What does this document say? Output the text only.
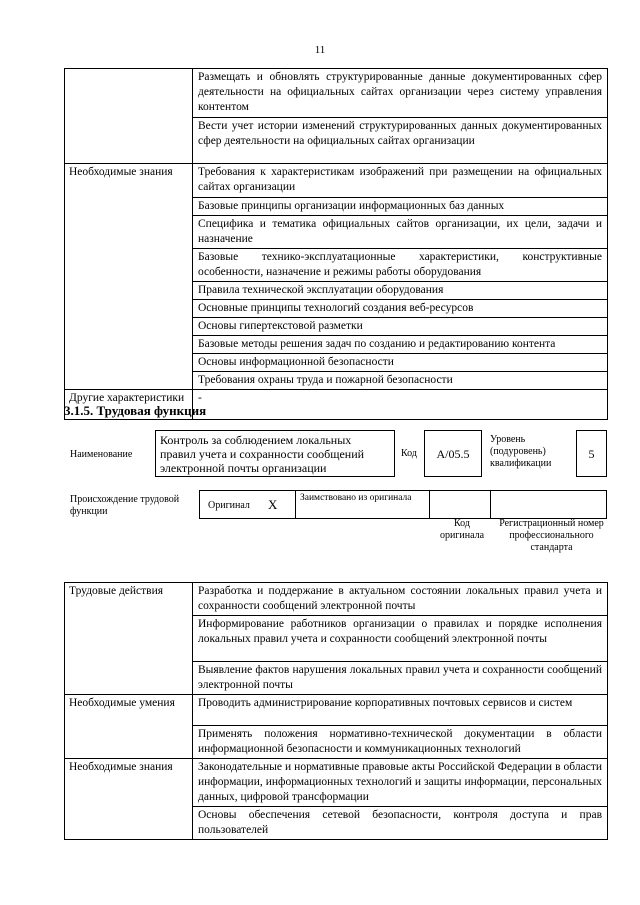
11
	Размещать и обновлять структурированные данные документированных сфер деятельности на официальных сайтах организации через систему управления контентом
	Вести учет истории изменений структурированных данных документированных сфер деятельности на официальных сайтах организации
Необходимые знания	Требования к характеристикам изображений при размещении на официальных сайтах организации
	Базовые принципы организации информационных баз данных
	Специфика и тематика официальных сайтов организации, их цели, задачи и назначение
	Базовые технико-эксплуатационные характеристики, конструктивные особенности, назначение и режимы работы оборудования
	Правила технической эксплуатации оборудования
	Основные принципы технологий создания веб-ресурсов
	Основы гипертекстовой разметки
	Базовые методы решения задач по созданию и редактированию контента
	Основы информационной безопасности
	Требования охраны труда и пожарной безопасности
Другие характеристики	-
3.1.5. Трудовая функция
Наименование
Контроль за соблюдением локальных правил учета и сохранности сообщений электронной почты организации
Код	A/05.5
Уровень (подуровень) квалификации
5
Происхождение трудовой функции
Оригинал X	Заимствовано из оригинала
Код оригинала
Регистрационный номер профессионального стандарта
Трудовые действия	Разработка и поддержание в актуальном состоянии локальных правил учета и сохранности сообщений электронной почты
	Информирование работников организации о правилах и порядке исполнения локальных правил учета и сохранности сообщений электронной почты
	Выявление фактов нарушения локальных правил учета и сохранности сообщений электронной почты
Необходимые умения	Проводить администрирование корпоративных почтовых сервисов и систем
	Применять положения нормативно-технической документации в области информационной безопасности и коммуникационных технологий
Необходимые знания	Законодательные и нормативные правовые акты Российской Федерации в области информации, информационных технологий и защиты информации, персональных данных, цифровой трансформации
	Основы обеспечения сетевой безопасности, контроля доступа и прав пользователей
